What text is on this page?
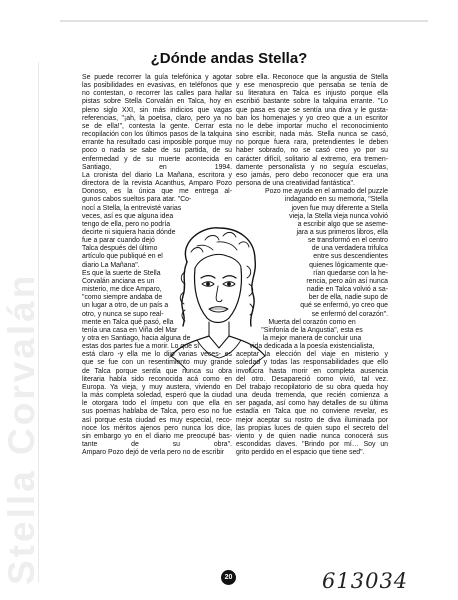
Stella Corvalán
¿Dónde andas Stella?
Se puede recorrer la guía telefónica y agotar
las posibilidades en evasivas, en teléfonos que
no contestan, o recorrer las calles para hallar
pistas sobre Stella Corvalán en Talca, hoy en
pleno siglo XXI, sin más indicios que vagas
referencias, "¡ah, la poetisa, claro, pero ya no
se de ella!", contesta la gente. Cerrar esta
recopilación con los últimos pasos de la talquina
errante ha resultado casi imposible porque muy
poco o nada se sabe de su partida, de su
enfermedad y de su muerte acontecida en
Santiago, en 1994.
La cronista del diario La Mañana, escritora y
directora de la revista Acanthus, Amparo Pozo
Donoso, es la única que me entrega al-
gunos cabos sueltos para atar. "Co-
nocí a Stella, la entrevisté varias
veces, así es que alguna idea
tengo de ella, pero no podría
decirte ni siquiera hacia dónde
fue a parar cuando dejó
Talca después del último
artículo que publiqué en el
diario La Mañana".
Es que la suerte de Stella
Corvalán anciana es un
misterio, me dice Amparo,
"como siempre andaba de
un lugar a otro, de un país a
otro, y nunca se supo real-
mente en Talca qué pasó, ella
tenía una casa en Viña del Mar
y otra en Santiago, hacia alguna de
estas dos partes fue a morir. Lo que sí
está claro -y ella me lo dijo varias veces- es
que se fue con un resentimiento muy grande
de Talca porque sentía que nunca su obra
literaria había sido reconocida acá como en
Europa. Ya vieja, y muy austera, viviendo en
la más completa soledad, esperó que la ciudad
le otorgara todo el ímpetu con que ella en
sus poemas hablaba de Talca, pero eso no fue
así porque esta ciudad es muy especial, reco-
noce los méritos ajenos pero nunca los dice,
sin embargo yo en el diario me preocupé bas-
tante de su obra".
Amparo Pozo dejó de verla pero no de escribir
sobre ella. Reconoce que la angustia de Stella
y ese menosprecio que pensaba se tenía de
su literatura en Talca es injusto porque ella
escribió bastante sobre la talquina errante. "Lo
que pasa es que se sentía una diva y le gusta-
ban los homenajes y yo creo que a un escritor
no le debe importar mucho el reconocimiento
sino escribir, nada más. Stella nunca se casó,
no porque fuera rara, pretendientes le deben
haber sobrado, no se casó creo yo por su
carácter difícil, solitario al extremo, era tremen-
damente personalista y no seguía escuelas,
eso jamás, pero debo reconocer que era una
persona de una creatividad fantástica".
Pozo me ayuda en el armado del puzzle
indagando en su memoria, "Stella
joven fue muy diferente a Stella
vieja, la Stella vieja nunca volvió
a escribir algo que se aseme-
jara a sus primeros libros, ella
se transformó en el centro
de una verdadera trifulca
entre sus descendientes
quienes lógicamente que-
rían quedarse con la he-
rencia, pero aún así nunca
nadie en Talca volvió a sa-
ber de ella, nadie supo de
qué se enfermó, yo creo que
se enfermó del corazón".
Muerta del corazón como en
"Sinfonía de la Angustia", esta es
la mejor manera de concluir una
vida dedicada a la poesía existencialista,
aceptar la elección del viaje en misterio y
soledad y todas las responsabilidades que ello
involucra hasta morir en completa ausencia
del otro. Desapareció como vivió, tal vez.
Del trabajo recopilatorio de su obra queda hoy
una deuda tremenda, que recién comienza a
ser pagada, así como hay detalles de su última
estadía en Talca que no conviene revelar, es
mejor aceptar su rostro de diva iluminada por
las propias luces de quien supo el secreto del
viento y de quien nadie nunca conocerá sus
escondidas claves. "Brindo por mí… Soy un
grito perdido en el espacio que tiene sed".
20	613034
